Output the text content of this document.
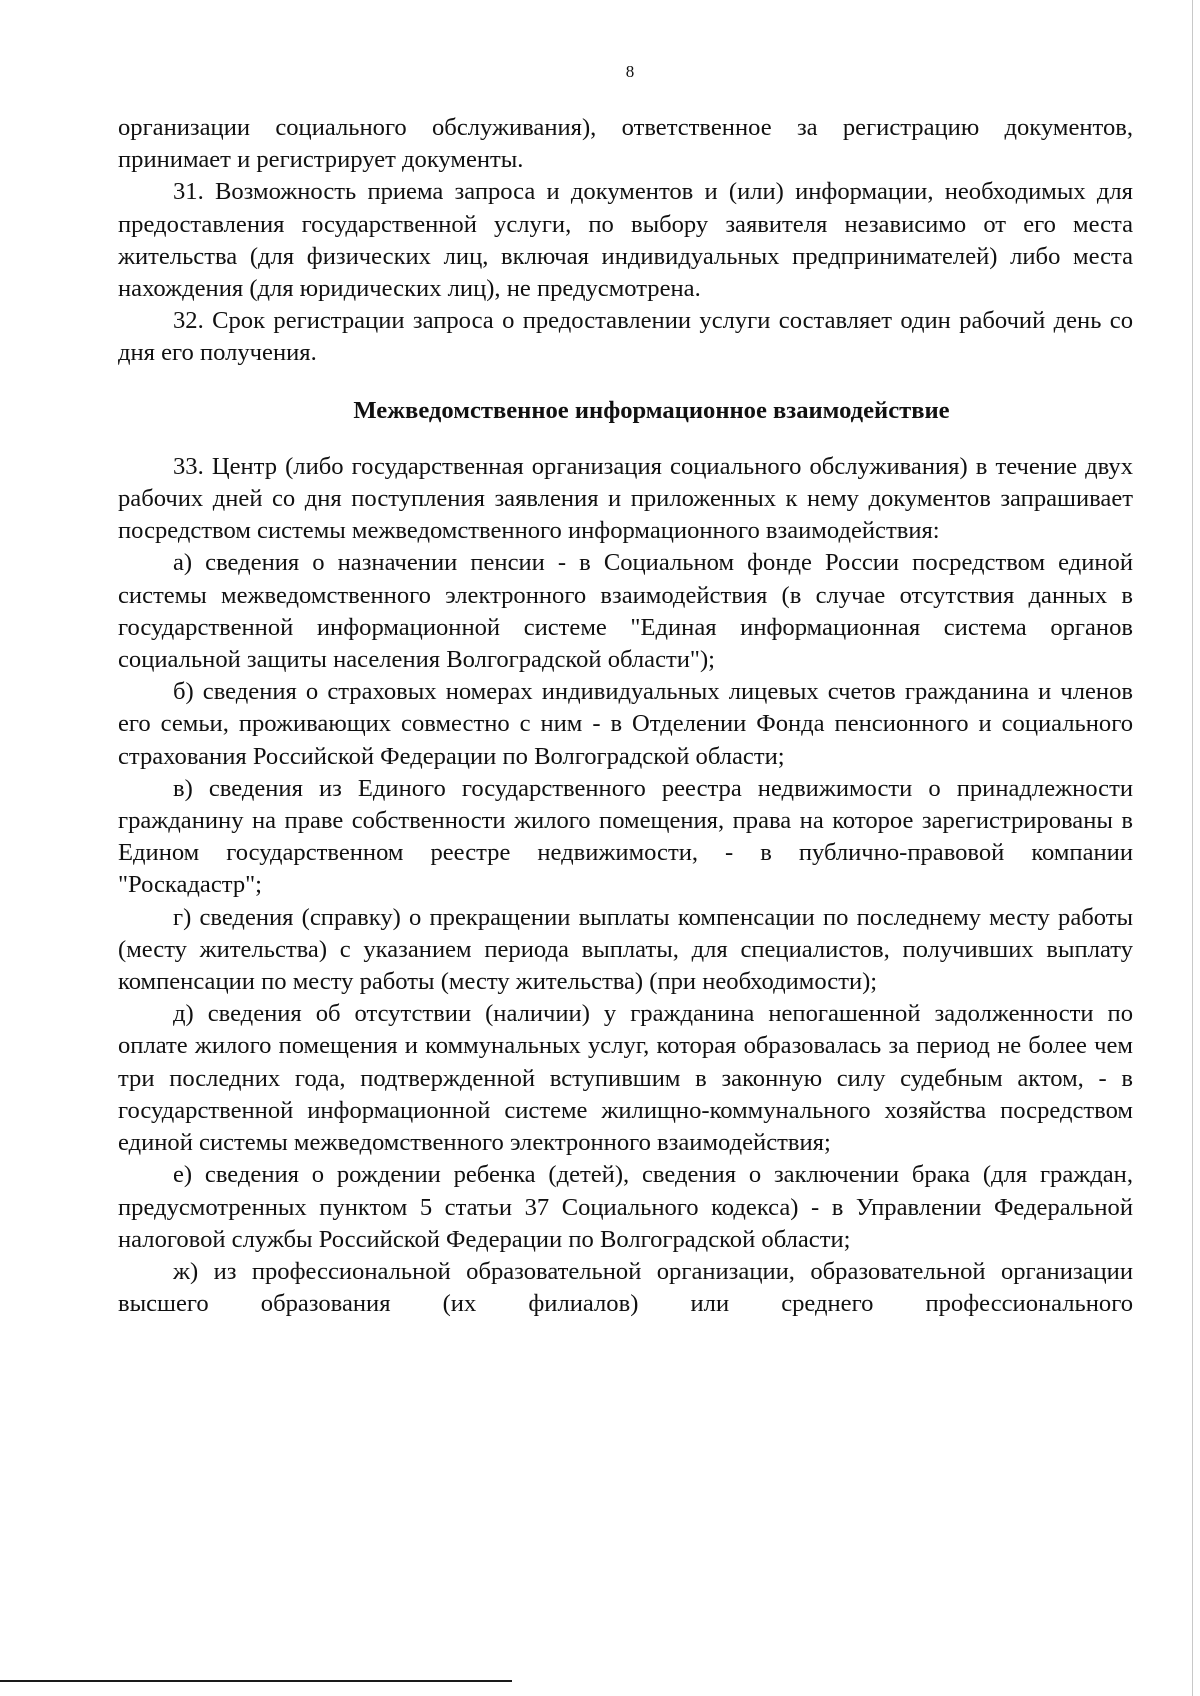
8

организации социального обслуживания), ответственное за регистрацию документов, принимает и регистрирует документы.

31. Возможность приема запроса и документов и (или) информации, необходимых для предоставления государственной услуги, по выбору заявителя независимо от его места жительства (для физических лиц, включая индивидуальных предпринимателей) либо места нахождения (для юридических лиц), не предусмотрена.

32. Срок регистрации запроса о предоставлении услуги составляет один рабочий день со дня его получения.

Межведомственное информационное взаимодействие

33. Центр (либо государственная организация социального обслуживания) в течение двух рабочих дней со дня поступления заявления и приложенных к нему документов запрашивает посредством системы межведомственного информационного взаимодействия:

а) сведения о назначении пенсии - в Социальном фонде России посредством единой системы межведомственного электронного взаимодействия (в случае отсутствия данных в государственной информационной системе "Единая информационная система органов социальной защиты населения Волгоградской области");

б) сведения о страховых номерах индивидуальных лицевых счетов гражданина и членов его семьи, проживающих совместно с ним - в Отделении Фонда пенсионного и социального страхования Российской Федерации по Волгоградской области;

в) сведения из Единого государственного реестра недвижимости о принадлежности гражданину на праве собственности жилого помещения, права на которое зарегистрированы в Едином государственном реестре недвижимости, - в публично-правовой компании "Роскадастр";

г) сведения (справку) о прекращении выплаты компенсации по последнему месту работы (месту жительства) с указанием периода выплаты, для специалистов, получивших выплату компенсации по месту работы (месту жительства) (при необходимости);

д) сведения об отсутствии (наличии) у гражданина непогашенной задолженности по оплате жилого помещения и коммунальных услуг, которая образовалась за период не более чем три последних года, подтвержденной вступившим в законную силу судебным актом, - в государственной информационной системе жилищно-коммунального хозяйства посредством единой системы межведомственного электронного взаимодействия;

е) сведения о рождении ребенка (детей), сведения о заключении брака (для граждан, предусмотренных пунктом 5 статьи 37 Социального кодекса) - в Управлении Федеральной налоговой службы Российской Федерации по Волгоградской области;

ж) из профессиональной образовательной организации, образовательной организации высшего образования (их филиалов) или среднего профессионального
